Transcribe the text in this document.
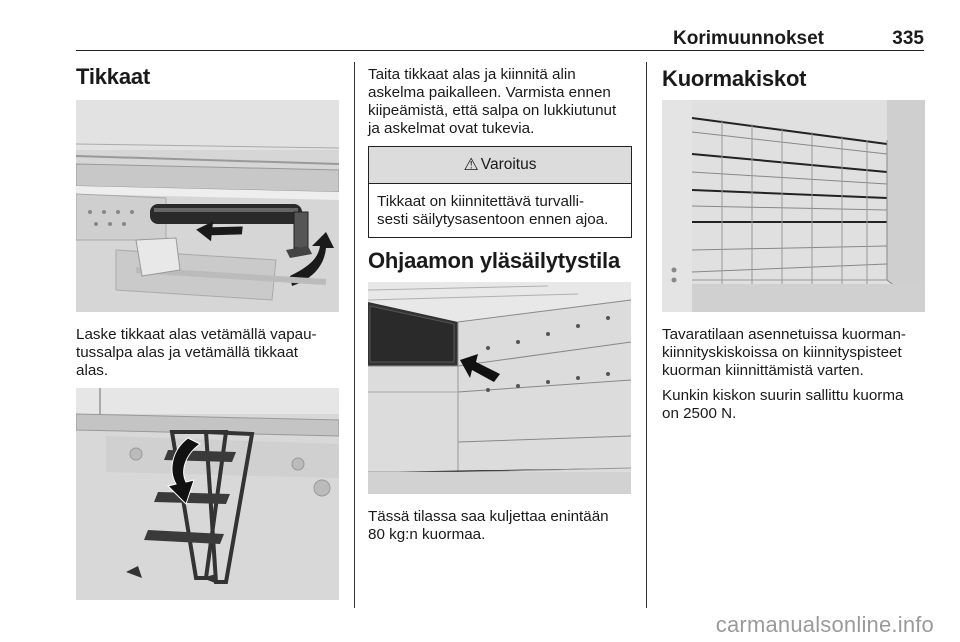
Korimuunnokset	335
Tikkaat

Laske tikkaat alas vetämällä vapau-
tussalpa alas ja vetämällä tikkaat
alas.

Taita tikkaat alas ja kiinnitä alin
askelma paikalleen. Varmista ennen
kiipeämistä, että salpa on lukkiutunut
ja askelmat ovat tukevia.

⚠ Varoitus
Tikkaat on kiinnitettävä turvalli-
sesti säilytysasentoon ennen ajoa.
Ohjaamon yläsäilytystila

Tässä tilassa saa kuljettaa enintään
80 kg:n kuormaa.

Kuormakiskot

Tavaratilaan asennetuissa kuorman-
kiinnityskiskoissa on kiinnityspisteet
kuorman kiinnittämistä varten.

Kunkin kiskon suurin sallittu kuorma
on 2500 N.

carmanualsonline.info
